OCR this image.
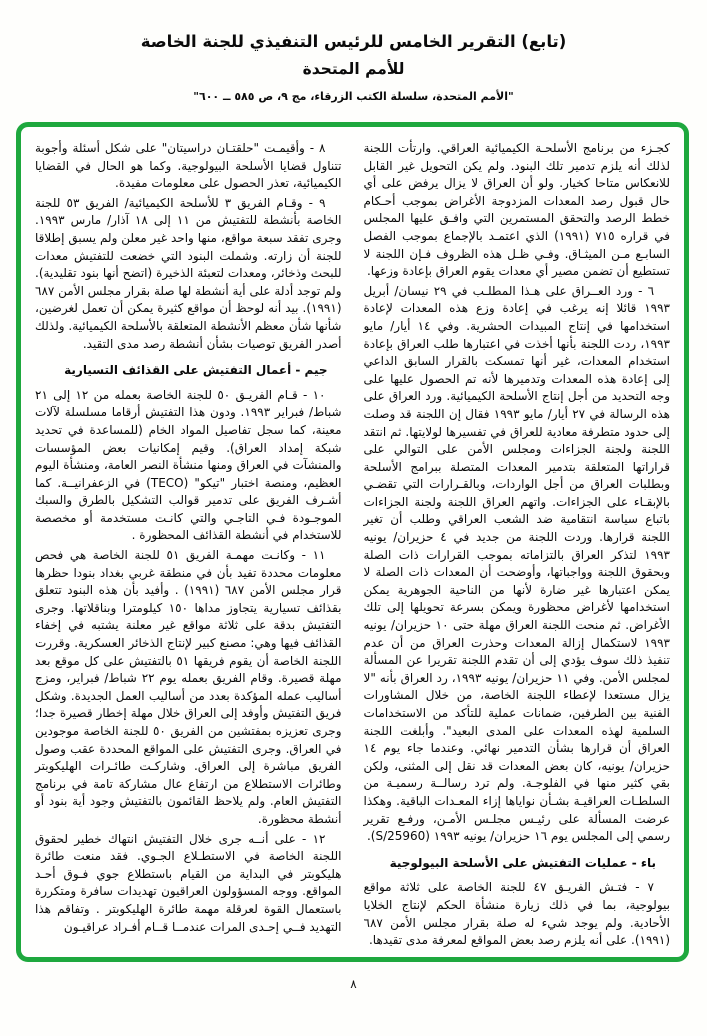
(تابع) التقرير الخامس للرئيس التنفيذي للجنة الخاصة
للأمم المتحدة
"الأمم المتحدة، سلسلة الكتب الزرقاء، مج ٩، ص ٥٨٥ ــ ٦٠٠"

كجـزء من برنامج الأسلحـة الكيميائية العراقي. وارتأت اللجنة لذلك أنه يلزم تدمير تلك البنود. ولم يكن التحويل غير القابل للانعكاس متاحا كخيار. ولو أن العراق لا يزال يرفض على أي حال قبول رصد المعدات المزدوجة الأغراض بموجب أحـكام خطط الرصد والتحقق المستمرين التي وافـق عليها المجلس في قراره ٧١٥ (١٩٩١) الذي اعتمـد بالإجماع بموجب الفصل السابـع مـن الميثـاق. وفـي ظـل هذه الظروف فـإن اللجنة لا تستطيع أن تضمن مصير أي معدات يقوم العراق بإعادة وزعها.

٦ - ورد العــراق على هـذا المطلـب في ٢٩ نيسان/ أبريل ١٩٩٣ قائلا إنه يرغب في إعادة وزع هذه المعدات لإعادة استخدامها في إنتاج المبيدات الحشرية. وفي ١٤ أيار/ مايو ١٩٩٣، ردت اللجنة بأنها أخذت في اعتبارها طلب العراق بإعادة استخدام المعدات، غير أنها تمسكت بالقرار السابق الداعي إلى إعادة هذه المعدات وتدميرها لأنه تم الحصول عليها على وجه التحديد من أجل إنتاج الأسلحة الكيميائية. ورد العراق على هذه الرسالة في ٢٧ أيار/ مايو ١٩٩٣ فقال إن اللجنة قد وصلت إلى حدود متطرفة معادية للعراق في تفسيرها لولايتها. ثم انتقد اللجنة ولجنة الجزاءات ومجلس الأمن على التوالي على قراراتها المتعلقة بتدمير المعدات المتصلة ببرامج الأسلحة وبطلبات العراق من أجل الواردات، وبالقـرارات التي تقضـي بالإبقـاء على الجزاءات. واتهم العراق اللجنة ولجنة الجزاءات باتباع سياسة انتقامية ضد الشعب العراقي وطلب أن تغير اللجنة قرارها. وردت اللجنة من جديد في ٤ حزيران/ يونيه ١٩٩٣ لتذكر العراق بالتزاماته بموجب القرارات ذات الصلة وبحقوق اللجنة وواجباتها، وأوضحت أن المعدات ذات الصلة لا يمكن اعتبارها غير ضارة لأنها من الناحية الجوهرية يمكن استخدامها لأغراض محظورة ويمكن بسرعة تحويلها إلى تلك الأغراض. ثم منحت اللجنة العراق مهلة حتى ١٠ حزيران/ يونيه ١٩٩٣ لاستكمال إزالة المعدات وحذرت العراق من أن عدم تنفيذ ذلك سوف يؤدي إلى أن تقدم اللجنة تقريرا عن المسألة لمجلس الأمن. وفي ١١ حزيران/ يونيه ١٩٩٣، رد العراق بأنه "لا يزال مستعدا لإعطاء اللجنة الخاصة، من خلال المشاورات الفنية بين الطرفين، ضمانات عملية للتأكد من الاستخدامات السلمية لهذه المعدات على المدى البعيد". وأبلغت اللجنة العراق أن قرارها بشأن التدمير نهائي. وعندما جاء يوم ١٤ حزيران/ يونيه، كان بعض المعدات قد نقل إلى المثنى، ولكن بقي كثير منها في الفلوجـة. ولم ترد رسالــة رسميـة من السلطـات العراقيـة بشـأن نواياها إزاء المعـدات الباقية. وهكذا عرضت المسألة على رئيـس مجلـس الأمـن، ورفـع تقرير رسمي إلى المجلس يوم ١٦ حزيران/ يونيه ١٩٩٣ (S/25960).

باء - عمليات التفتيش على الأسلحة البيولوجية

٧ - فتـش الفريـق ٤٧ للجنة الخاصة على ثلاثة مواقع بيولوجية، بما في ذلك زيارة منشأة الحكم لإنتاج الخلايا الأحادية. ولم يوجد شيء له صلة بقرار مجلس الأمن ٦٨٧ (١٩٩١). على أنه يلزم رصد بعض المواقع لمعرفة مدى تقيدها.

٨ - وأقيمـت "حلقتـان دراسيتان" على شكل أسئلة وأجوبة تتناول قضايا الأسلحة البيولوجية. وكما هو الحال في القضايا الكيميائية، تعذر الحصول على معلومات مفيدة.

٩ - وقـام الفريق ٣ للأسلحة الكيميائية/ الفريق ٥٣ للجنة الخاصة بأنشطة للتفتيش من ١١ إلى ١٨ آذار/ مارس ١٩٩٣. وجرى تفقد سبعة مواقع، منها واحد غير معلن ولم يسبق إطلاقا للجنة أن زارته. وشملت البنود التي خضعت للتفتيش معدات للبحث وذخائر، ومعدات لتعبئة الذخيرة (اتضح أنها بنود تقليدية). ولم توجد أدلة على أية أنشطة لها صلة بقرار مجلس الأمن ٦٨٧ (١٩٩١). بيد أنه لوحظ أن مواقع كثيرة يمكن أن تعمل لغرضين، شأنها شأن معظم الأنشطة المتعلقة بالأسلحة الكيميائية. ولذلك أصدر الفريق توصيات بشأن أنشطة رصد مدى التقيد.

جيم - أعمال التفتيش على القذائف التسيارية

١٠ - قـام الفريـق ٥٠ للجنة الخاصة بعمله من ١٢ إلى ٢١ شباط/ فبراير ١٩٩٣. ودون هذا التفتيش أرقاما مسلسلة لآلات معينة، كما سجل تفاصيل المواد الخام (للمساعدة في تحديد شبكة إمداد العراق). وقيم إمكانيات بعض المؤسسات والمنشآت في العراق ومنها منشأة النصر العامة، ومنشأة اليوم العظيم، ومنصة اختبار "تيكو" (TECO) في الزعفرانيــة. كما أشـرف الفريق على تدمير قوالب التشكيل بالطرق والسبك الموجـودة فـي التاجـي والتي كانـت مستخدمة أو مخصصة للاستخدام في أنشطة القذائف المحظورة .

١١ - وكانـت مهمـة الفريق ٥١ للجنة الخاصة هي فحص معلومات محددة تفيد بأن في منطقة غربي بغداد بنودا حظرها قرار مجلس الأمن ٦٨٧ (١٩٩١) . وأفيد بأن هذه البنود تتعلق بقذائف تسيارية يتجاوز مداها ١٥٠ كيلومترا وبناقلاتها. وجرى التفتيش بدقة على ثلاثة مواقع غير معلنة يشتبه في إخفاء القذائف فيها وهي: مصنع كبير لإنتاج الذخائر العسكرية. وقررت اللجنة الخاصة أن يقوم فريقها ٥١ بالتفتيش على كل موقع بعد مهلة قصيرة. وقام الفريق بعمله يوم ٢٢ شباط/ فبراير، ومزج أساليب عمله المؤكدة بعدد من أساليب العمل الجديدة. وشكل فريق التفتيش وأوفد إلى العراق خلال مهلة إخطار قصيرة جدا؛ وجرى تعزيزه بمفتشين من الفريق ٥٠ للجنة الخاصة موجودين في العراق. وجرى التفتيش على المواقع المحددة عقب وصول الفريق مباشرة إلى العراق. وشاركـت طائـرات الهليكوبتر وطائرات الاستطلاع من ارتفاع عال مشاركة تامة في برنامج التفتيش العام. ولم يلاحظ القائمون بالتفتيش وجود أية بنود أو أنشطة محظورة.

١٢ - على أنــه جرى خلال التفتيش انتهاك خطير لحقوق اللجنة الخاصة في الاستطـلاع الجـوي. فقد منعت طائرة هليكوبتر في البداية من القيام باستطلاع جوي فـوق أحـد المواقع. ووجه المسؤولون العراقيون تهديدات سافرة ومتكررة باستعمال القوة لعرقلة مهمة طائرة الهليكوبتر . وتفاقم هذا التهديد فــي إحـدى المرات عندمــا قــام أفـراد عراقيـون

٨
